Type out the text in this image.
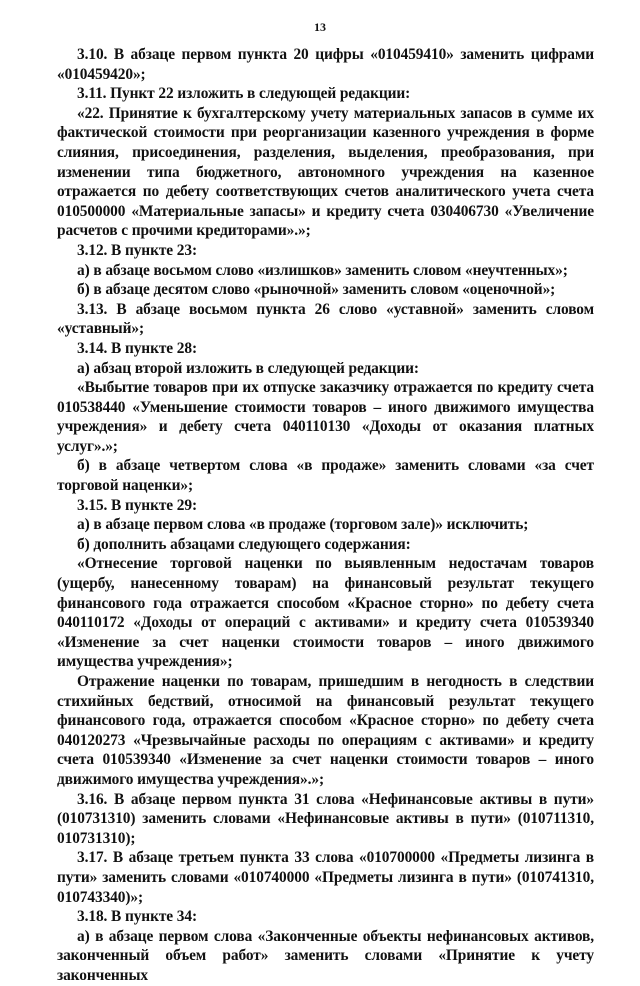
13

3.10. В абзаце первом пункта 20 цифры «010459410» заменить цифрами «010459420»;

3.11. Пункт 22 изложить в следующей редакции:

«22. Принятие к бухгалтерскому учету материальных запасов в сумме их фактической стоимости при реорганизации казенного учреждения в форме слияния, присоединения, разделения, выделения, преобразования, при изменении типа бюджетного, автономного учреждения на казенное отражается по дебету соответствующих счетов аналитического учета счета 010500000 «Материальные запасы» и кредиту счета 030406730 «Увеличение расчетов с прочими кредиторами».»;

3.12. В пункте 23:

а) в абзаце восьмом слово «излишков» заменить словом «неучтенных»;

б) в абзаце десятом слово «рыночной» заменить словом «оценочной»;

3.13. В абзаце восьмом пункта 26 слово «уставной» заменить словом «уставный»;

3.14. В пункте 28:

а) абзац второй изложить в следующей редакции:

«Выбытие товаров при их отпуске заказчику отражается по кредиту счета 010538440 «Уменьшение стоимости товаров – иного движимого имущества учреждения» и дебету счета 040110130 «Доходы от оказания платных услуг».»;

б) в абзаце четвертом слова «в продаже» заменить словами «за счет торговой наценки»;

3.15. В пункте 29:

а) в абзаце первом слова «в продаже (торговом зале)» исключить;

б) дополнить абзацами следующего содержания:

«Отнесение торговой наценки по выявленным недостачам товаров (ущербу, нанесенному товарам) на финансовый результат текущего финансового года отражается способом «Красное сторно» по дебету счета 040110172 «Доходы от операций с активами» и кредиту счета 010539340 «Изменение за счет наценки стоимости товаров – иного движимого имущества учреждения»;

Отражение наценки по товарам, пришедшим в негодность в следствии стихийных бедствий, относимой на финансовый результат текущего финансового года, отражается способом «Красное сторно» по дебету счета 040120273 «Чрезвычайные расходы по операциям с активами» и кредиту счета 010539340 «Изменение за счет наценки стоимости товаров – иного движимого имущества учреждения».»;

3.16. В абзаце первом пункта 31 слова «Нефинансовые активы в пути» (010731310) заменить словами «Нефинансовые активы в пути» (010711310, 010731310);

3.17. В абзаце третьем пункта 33 слова «010700000 «Предметы лизинга в пути» заменить словами «010740000 «Предметы лизинга в пути» (010741310, 010743340)»;

3.18. В пункте 34:

а) в абзаце первом слова «Законченные объекты нефинансовых активов, законченный объем работ» заменить словами «Принятие к учету законченных
